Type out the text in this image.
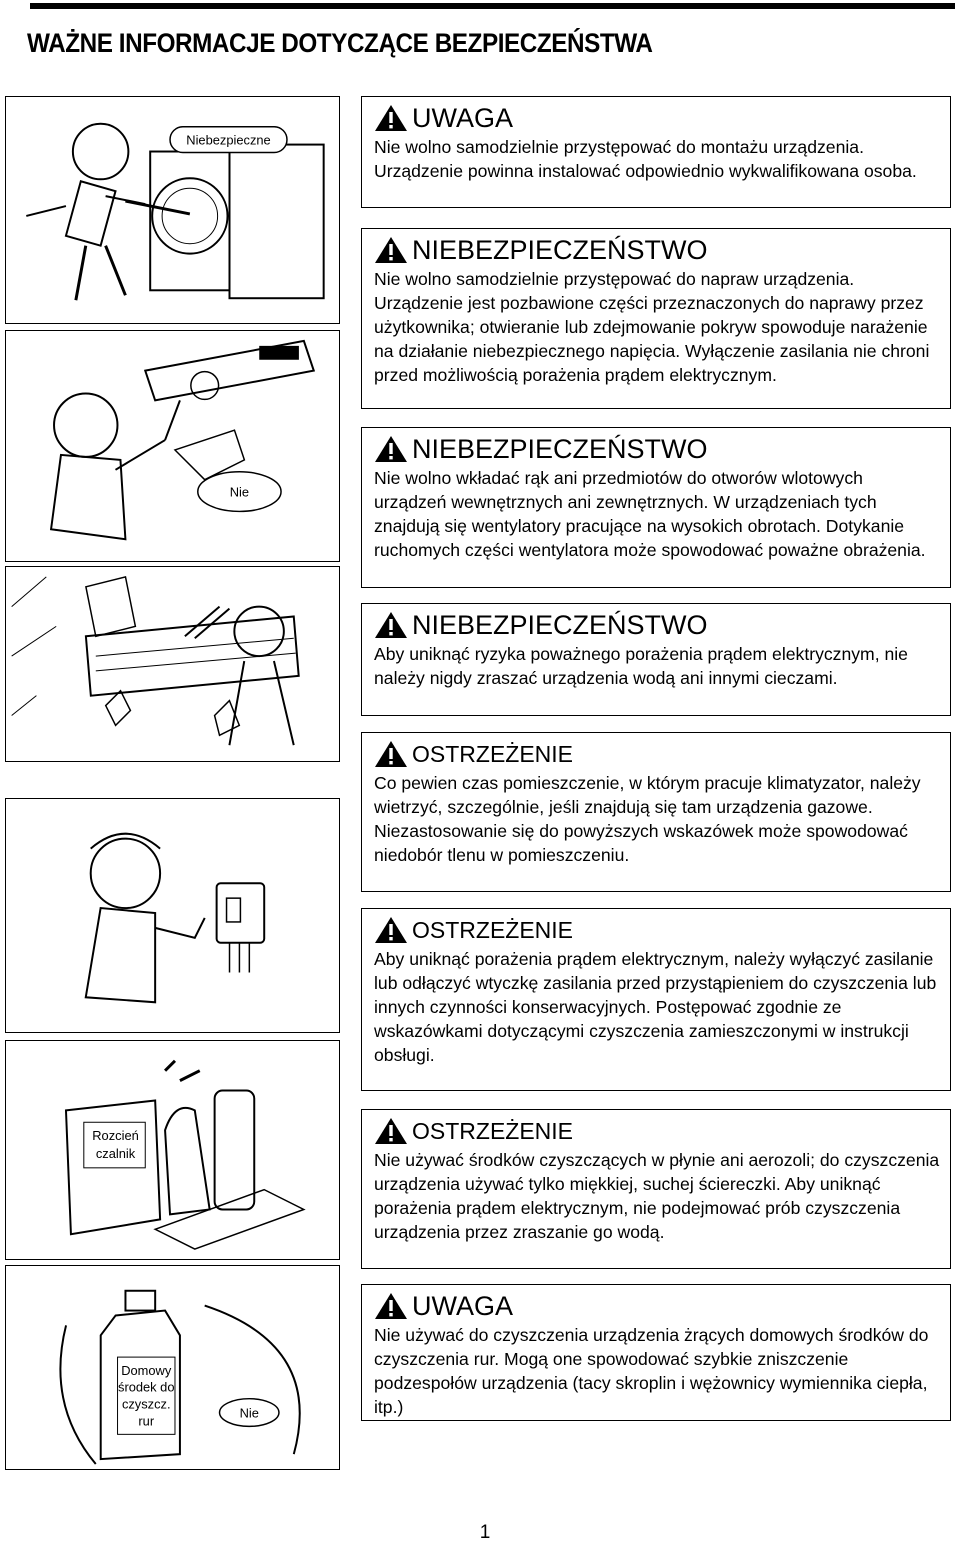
WAŻNE INFORMACJE DOTYCZĄCE BEZPIECZEŃSTWA
Niebezpieczne
Nie
Rozcień
czalnik
Domowy
środek do
czyszcz.
rur
Nie
UWAGA
Nie wolno samodzielnie przystępować do montażu urządzenia. Urządzenie powinna instalować odpowiednio wykwalifikowana osoba.
NIEBEZPIECZEŃSTWO
Nie wolno samodzielnie przystępować do napraw urządzenia. Urządzenie jest pozbawione części przeznaczonych do naprawy przez użytkownika; otwieranie lub zdejmowanie pokryw spowoduje narażenie na działanie niebezpiecznego napięcia. Wyłączenie zasilania nie chroni przed możliwością porażenia prądem elektrycznym.
NIEBEZPIECZEŃSTWO
Nie wolno wkładać rąk ani przedmiotów do otworów wlotowych urządzeń wewnętrznych ani zewnętrznych. W urządzeniach tych znajdują się wentylatory pracujące na wysokich obrotach. Dotykanie ruchomych części wentylatora może spowodować poważne obrażenia.
NIEBEZPIECZEŃSTWO
Aby uniknąć ryzyka poważnego porażenia prądem elektrycznym, nie należy nigdy zraszać urządzenia wodą ani innymi cieczami.
OSTRZEŻENIE
Co pewien czas pomieszczenie, w którym pracuje klimatyzator, należy wietrzyć, szczególnie, jeśli znajdują się tam urządzenia gazowe. Niezastosowanie się do powyższych wskazówek może spowodować niedobór tlenu w pomieszczeniu.
OSTRZEŻENIE
Aby uniknąć porażenia prądem elektrycznym, należy wyłączyć zasilanie lub odłączyć wtyczkę zasilania przed przystąpieniem do czyszczenia lub innych czynności konserwacyjnych. Postępować zgodnie ze wskazówkami dotyczącymi czyszczenia zamieszczonymi w instrukcji obsługi.
OSTRZEŻENIE
Nie używać środków czyszczących w płynie ani aerozoli; do czyszczenia urządzenia używać tylko miękkiej, suchej ściereczki. Aby uniknąć porażenia prądem elektrycznym, nie podejmować prób czyszczenia urządzenia przez zraszanie go wodą.
UWAGA
Nie używać do czyszczenia urządzenia żrących domowych środków do czyszczenia rur. Mogą one spowodować szybkie zniszczenie podzespołów urządzenia (tacy skroplin i wężownicy wymiennika ciepła, itp.)
1
